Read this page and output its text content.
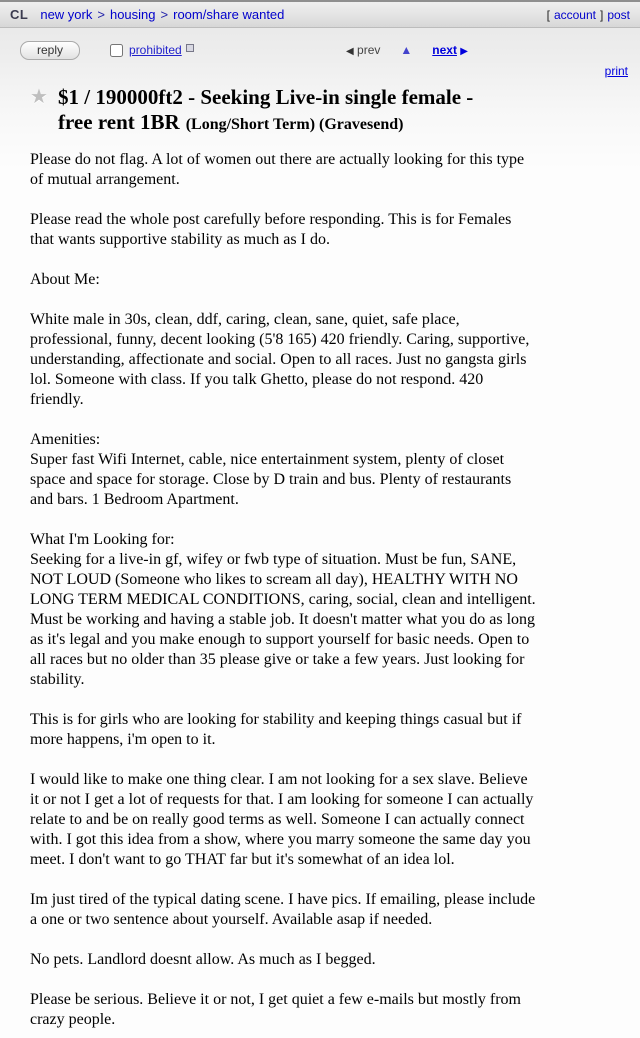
CL new york > housing > room/share wanted	[ account ] post
reply	prohibited	◀ prev ▲ next ▶
print
★ $1 / 190000ft2 - Seeking Live-in single female -
free rent 1BR (Long/Short Term) (Gravesend)

Please do not flag. A lot of women out there are actually looking for this type
of mutual arrangement.

Please read the whole post carefully before responding. This is for Females
that wants supportive stability as much as I do.

About Me:

White male in 30s, clean, ddf, caring, clean, sane, quiet, safe place,
professional, funny, decent looking (5'8 165) 420 friendly. Caring, supportive,
understanding, affectionate and social. Open to all races. Just no gangsta girls
lol. Someone with class. If you talk Ghetto, please do not respond. 420
friendly.

Amenities:
Super fast Wifi Internet, cable, nice entertainment system, plenty of closet
space and space for storage. Close by D train and bus. Plenty of restaurants
and bars. 1 Bedroom Apartment.

What I'm Looking for:
Seeking for a live-in gf, wifey or fwb type of situation. Must be fun, SANE,
NOT LOUD (Someone who likes to scream all day), HEALTHY WITH NO
LONG TERM MEDICAL CONDITIONS, caring, social, clean and intelligent.
Must be working and having a stable job. It doesn't matter what you do as long
as it's legal and you make enough to support yourself for basic needs. Open to
all races but no older than 35 please give or take a few years. Just looking for
stability.

This is for girls who are looking for stability and keeping things casual but if
more happens, i'm open to it.

I would like to make one thing clear. I am not looking for a sex slave. Believe
it or not I get a lot of requests for that. I am looking for someone I can actually
relate to and be on really good terms as well. Someone I can actually connect
with. I got this idea from a show, where you marry someone the same day you
meet. I don't want to go THAT far but it's somewhat of an idea lol.

Im just tired of the typical dating scene. I have pics. If emailing, please include
a one or two sentence about yourself. Available asap if needed.

No pets. Landlord doesnt allow. As much as I begged.

Please be serious. Believe it or not, I get quiet a few e-mails but mostly from
crazy people.
